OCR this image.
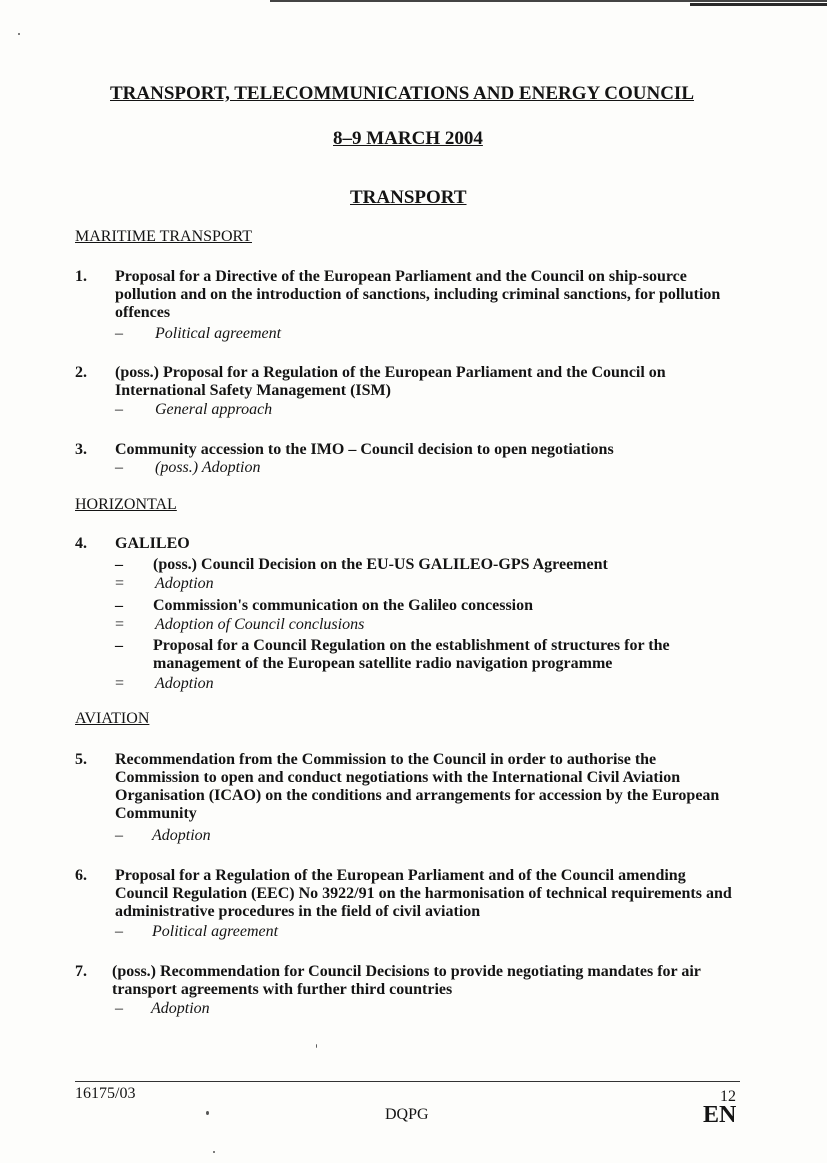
TRANSPORT, TELECOMMUNICATIONS AND ENERGY COUNCIL
8–9 MARCH 2004
TRANSPORT
MARITIME TRANSPORT
1. Proposal for a Directive of the European Parliament and the Council on ship-source pollution and on the introduction of sanctions, including criminal sanctions, for pollution offences
– Political agreement
2. (poss.) Proposal for a Regulation of the European Parliament and the Council on International Safety Management (ISM)
– General approach
3. Community accession to the IMO – Council decision to open negotiations
– (poss.) Adoption
HORIZONTAL
4. GALILEO
– (poss.) Council Decision on the EU-US GALILEO-GPS Agreement
= Adoption
– Commission's communication on the Galileo concession
= Adoption of Council conclusions
– Proposal for a Council Regulation on the establishment of structures for the management of the European satellite radio navigation programme
= Adoption
AVIATION
5. Recommendation from the Commission to the Council in order to authorise the Commission to open and conduct negotiations with the International Civil Aviation Organisation (ICAO) on the conditions and arrangements for accession by the European Community
– Adoption
6. Proposal for a Regulation of the European Parliament and of the Council amending Council Regulation (EEC) No 3922/91 on the harmonisation of technical requirements and administrative procedures in the field of civil aviation
– Political agreement
7. (poss.) Recommendation for Council Decisions to provide negotiating mandates for air transport agreements with further third countries
– Adoption
16175/03	12
DQPG	EN
